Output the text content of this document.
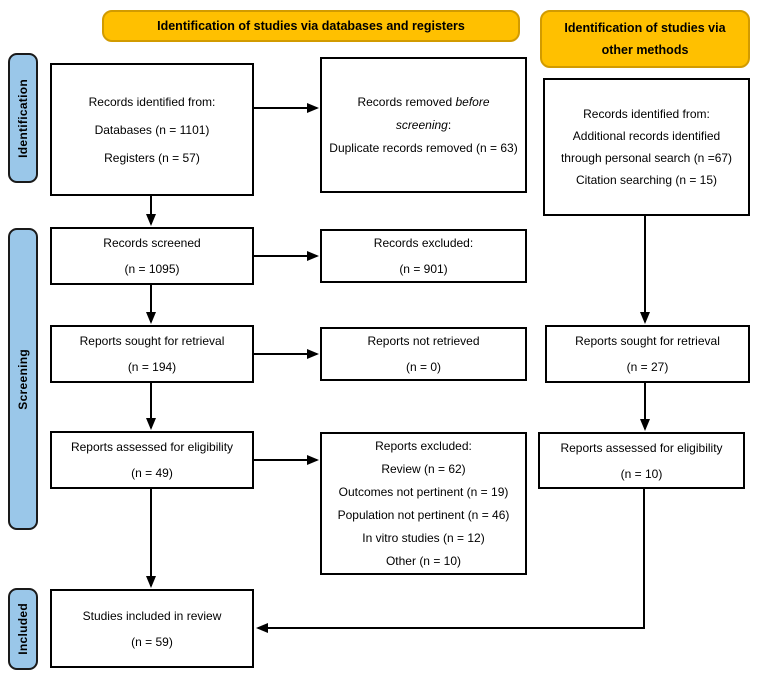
Identification of studies via databases and registers	Identification of studies via other methods
Identification
Screening
Included
Records identified from:
Databases (n = 1101)
Registers (n = 57)
Records removed before
screening:
Duplicate records removed (n = 63)
Records identified from:
Additional records identified
through personal search (n =67)
Citation searching (n = 15)
Records screened
(n = 1095)
Records excluded:
(n = 901)
Reports sought for retrieval
(n = 194)
Reports not retrieved
(n = 0)
Reports sought for retrieval
(n = 27)
Reports assessed for eligibility
(n = 49)
Reports excluded:
Review (n = 62)
Outcomes not pertinent (n = 19)
Population not pertinent (n = 46)
In vitro studies (n = 12)
Other (n = 10)
Reports assessed for eligibility
(n = 10)
Studies included in review
(n = 59)
